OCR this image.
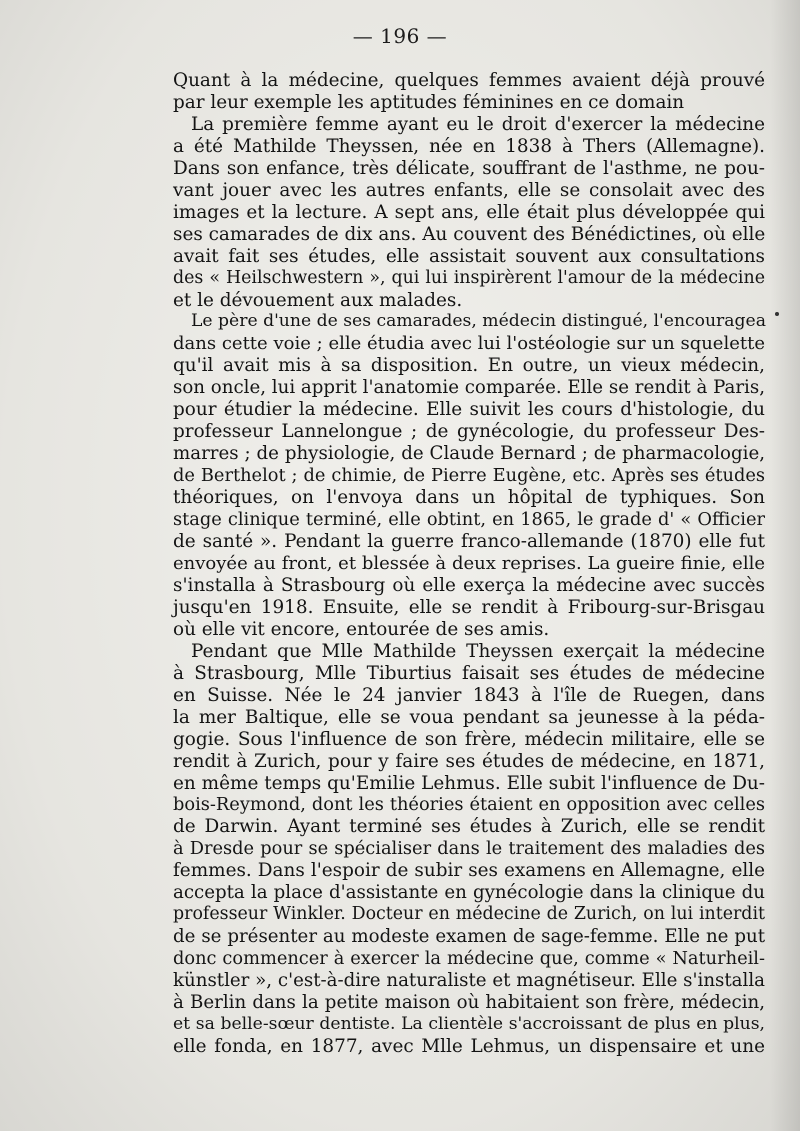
— 196 —
Quant à la médecine, quelques femmes avaient déjà prouvé
par leur exemple les aptitudes féminines en ce domain
La première femme ayant eu le droit d'exercer la médecine
a été Mathilde Theyssen, née en 1838 à Thers (Allemagne).
Dans son enfance, très délicate, souffrant de l'asthme, ne pou-
vant jouer avec les autres enfants, elle se consolait avec des
images et la lecture. A sept ans, elle était plus développée qui
ses camarades de dix ans. Au couvent des Bénédictines, où elle
avait fait ses études, elle assistait souvent aux consultations
des « Heilschwestern », qui lui inspirèrent l'amour de la médecine
et le dévouement aux malades.
Le père d'une de ses camarades, médecin distingué, l'encouragea
dans cette voie ; elle étudia avec lui l'ostéologie sur un squelette
qu'il avait mis à sa disposition. En outre, un vieux médecin,
son oncle, lui apprit l'anatomie comparée. Elle se rendit à Paris,
pour étudier la médecine. Elle suivit les cours d'histologie, du
professeur Lannelongue ; de gynécologie, du professeur Des-
marres ; de physiologie, de Claude Bernard ; de pharmacologie,
de Berthelot ; de chimie, de Pierre Eugène, etc. Après ses études
théoriques, on l'envoya dans un hôpital de typhiques. Son
stage clinique terminé, elle obtint, en 1865, le grade d' « Officier
de santé ». Pendant la guerre franco-allemande (1870) elle fut
envoyée au front, et blessée à deux reprises. La gueire finie, elle
s'installa à Strasbourg où elle exerça la médecine avec succès
jusqu'en 1918. Ensuite, elle se rendit à Fribourg-sur-Brisgau
où elle vit encore, entourée de ses amis.
Pendant que Mlle Mathilde Theyssen exerçait la médecine
à Strasbourg, Mlle Tiburtius faisait ses études de médecine
en Suisse. Née le 24 janvier 1843 à l'île de Ruegen, dans
la mer Baltique, elle se voua pendant sa jeunesse à la péda-
gogie. Sous l'influence de son frère, médecin militaire, elle se
rendit à Zurich, pour y faire ses études de médecine, en 1871,
en même temps qu'Emilie Lehmus. Elle subit l'influence de Du-
bois-Reymond, dont les théories étaient en opposition avec celles
de Darwin. Ayant terminé ses études à Zurich, elle se rendit
à Dresde pour se spécialiser dans le traitement des maladies des
femmes. Dans l'espoir de subir ses examens en Allemagne, elle
accepta la place d'assistante en gynécologie dans la clinique du
professeur Winkler. Docteur en médecine de Zurich, on lui interdit
de se présenter au modeste examen de sage-femme. Elle ne put
donc commencer à exercer la médecine que, comme « Naturheil-
künstler », c'est-à-dire naturaliste et magnétiseur. Elle s'installa
à Berlin dans la petite maison où habitaient son frère, médecin,
et sa belle-sœur dentiste. La clientèle s'accroissant de plus en plus,
elle fonda, en 1877, avec Mlle Lehmus, un dispensaire et une
